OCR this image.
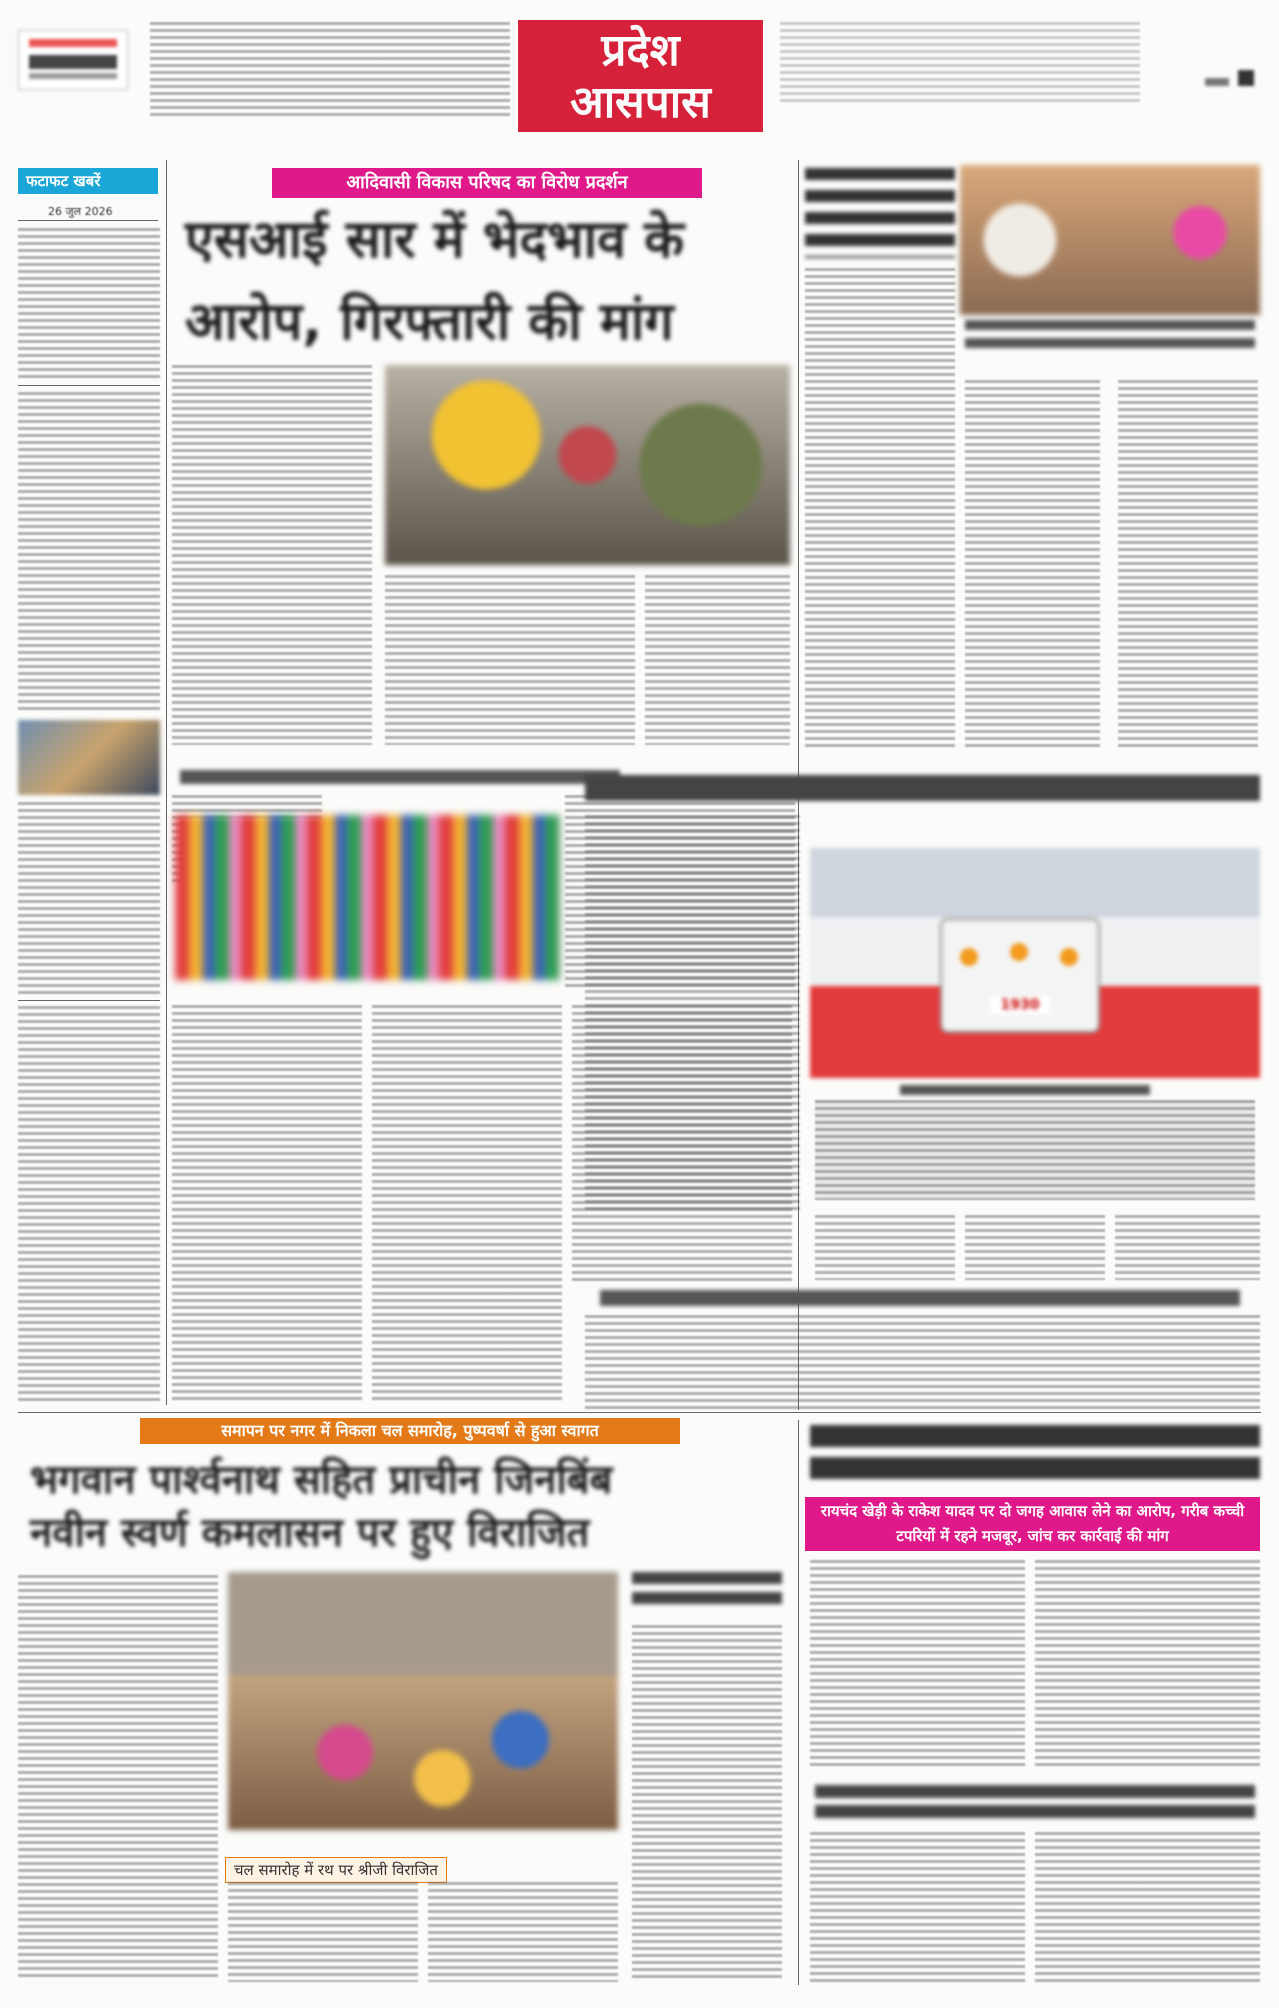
प्रदेश
आसपास

फटाफट खबरें
26 जुल 2026
आदिवासी विकास परिषद का विरोध प्रदर्शन
एसआई सार में भेदभाव के
आरोप, गिरफ्तारी की मांग
1930
समापन पर नगर में निकला चल समारोह, पुष्पवर्षा से हुआ स्वागत
भगवान पार्श्वनाथ सहित प्राचीन जिनबिंब
नवीन स्वर्ण कमलासन पर हुए विराजित
चल समारोह में रथ पर श्रीजी विराजित
रायचंद खेड़ी के राकेश यादव पर दो जगह आवास लेने का आरोप, गरीब कच्ची टपरियों में रहने मजबूर, जांच कर कार्रवाई की मांग
